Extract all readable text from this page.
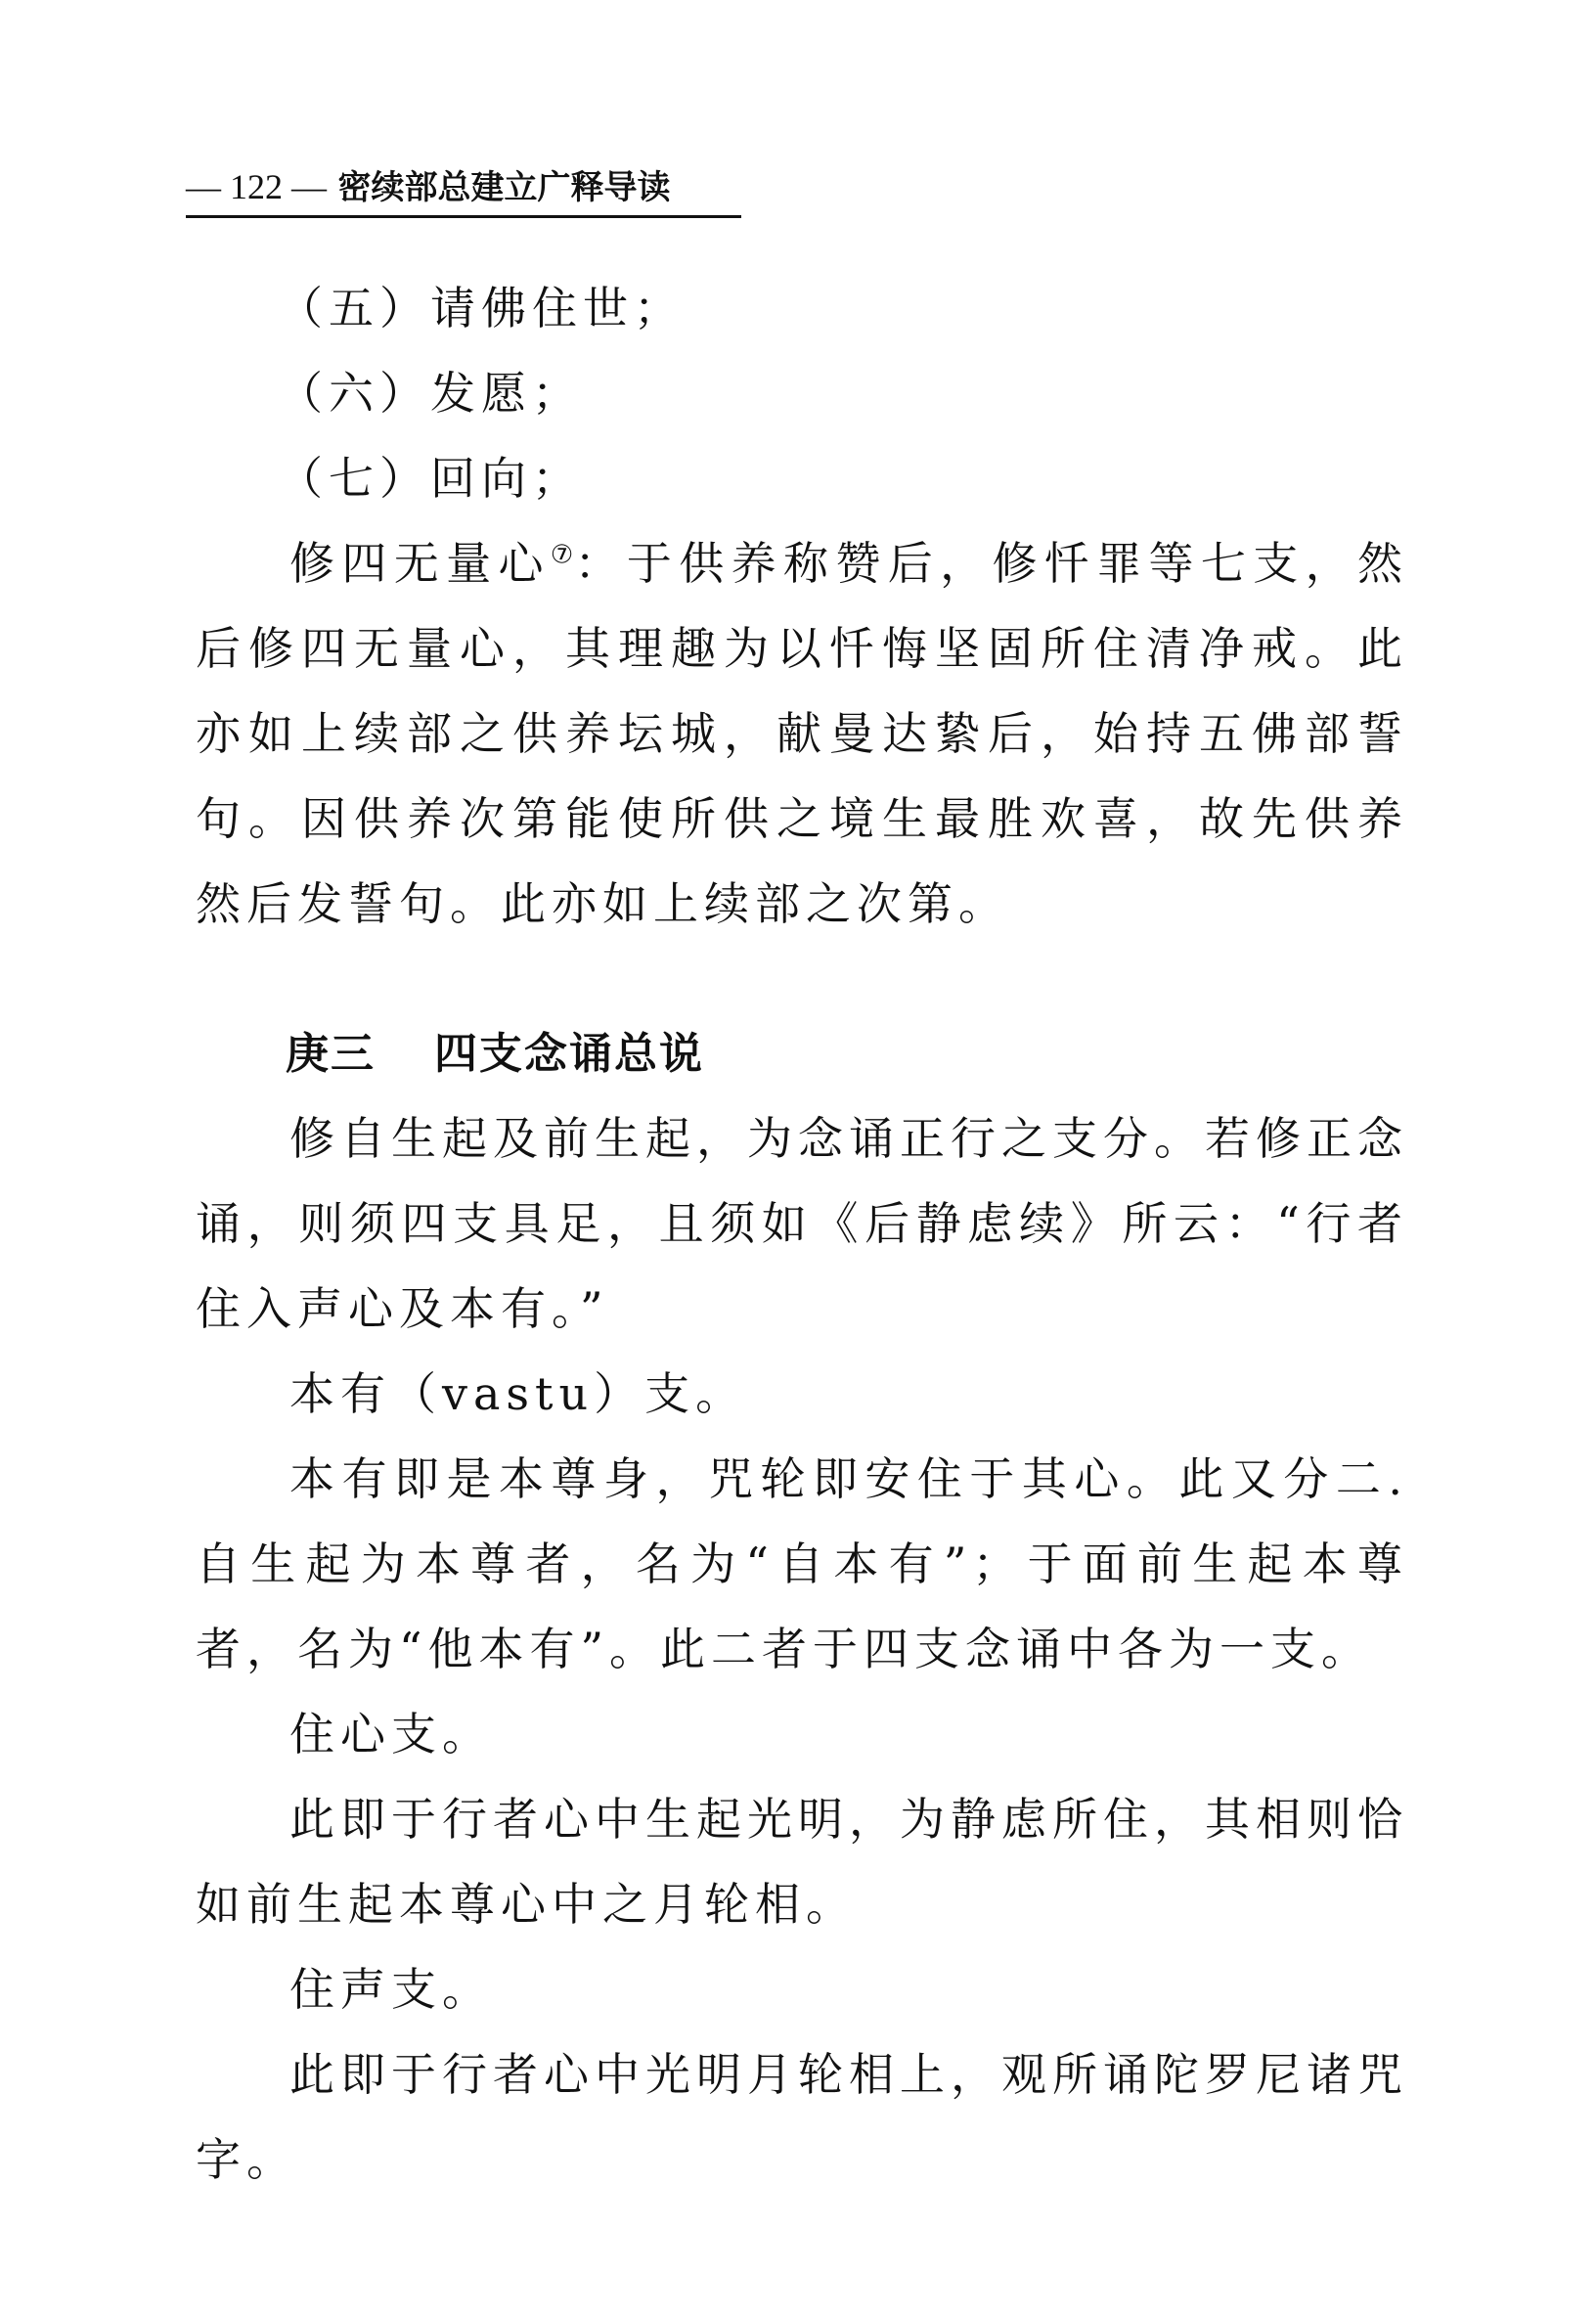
— 122 — 密续部总建立广释导读

（五）请佛住世；

（六）发愿；

（七）回向；

修四无量心⑦：于供养称赞后，修忏罪等七支，然后修四无量心，其理趣为以忏悔坚固所住清净戒。此亦如上续部之供养坛城，献曼达絷后，始持五佛部誓句。因供养次第能使所供之境生最胜欢喜，故先供养然后发誓句。此亦如上续部之次第。

庚三 四支念诵总说

修自生起及前生起，为念诵正行之支分。若修正念诵，则须四支具足，且须如《后静虑续》所云：“行者住入声心及本有。”

本有（vastu）支。

本有即是本尊身，咒轮即安住于其心。此又分二.自生起为本尊者，名为“自本有”；于面前生起本尊者，名为“他本有”。此二者于四支念诵中各为一支。

住心支。

此即于行者心中生起光明，为静虑所住，其相则恰如前生起本尊心中之月轮相。

住声支。

此即于行者心中光明月轮相上，观所诵陀罗尼诸咒字。
